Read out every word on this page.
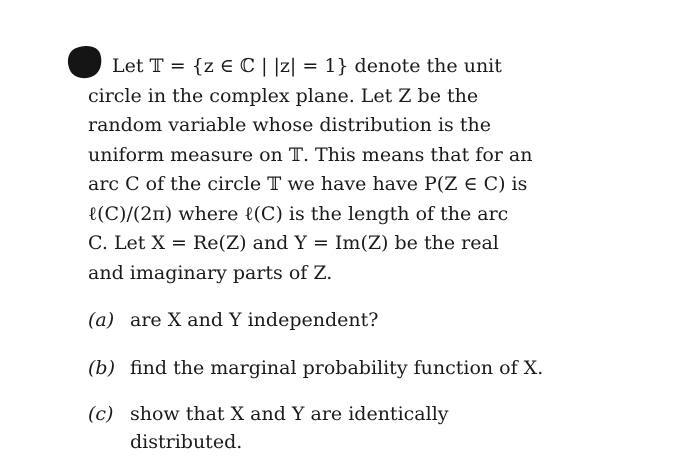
Let 𝕋 = {z ∈ ℂ | |z| = 1} denote the unit
circle in the complex plane. Let Z be the
random variable whose distribution is the
uniform measure on 𝕋. This means that for an
arc C of the circle 𝕋 we have have P(Z ∈ C) is
ℓ(C)/(2π) where ℓ(C) is the length of the arc
C. Let X = Re(Z) and Y = Im(Z) be the real
and imaginary parts of Z.
(a) are X and Y independent?
(b) find the marginal probability function of X.
(c) show that X and Y are identically
distributed.
